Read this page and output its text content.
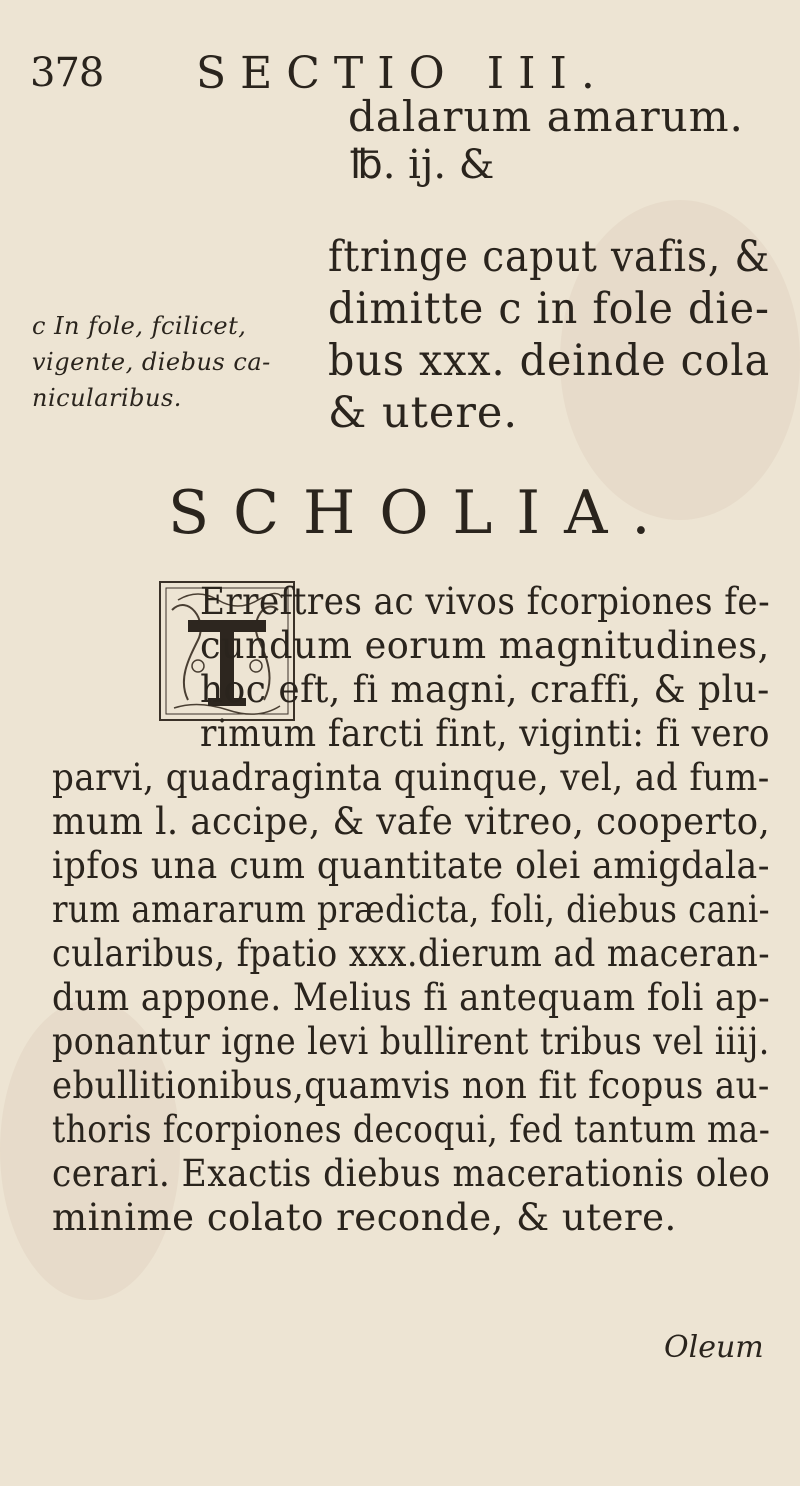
378 SECTIO III.
dalarum amarum.
℔. ij. &
ftringe caput vafis, &
dimitte c in fole die-
bus xxx. deinde cola
& utere.
c In fole, fcilicet,
vigente, diebus ca-
nicularibus.
SCHOLIA.
Erreftres ac vivos fcorpiones fe-
cundum eorum magnitudines,
hoc eft, fi magni, craffi, & plu-
rimum farcti fint, viginti: fi vero
parvi, quadraginta quinque, vel, ad fum-
mum l. accipe, & vafe vitreo, cooperto,
ipfos una cum quantitate olei amigdala-
rum amararum prædicta, foli, diebus cani-
cularibus, fpatio xxx.dierum ad maceran-
dum appone. Melius fi antequam foli ap-
ponantur igne levi bullirent tribus vel iiij.
ebullitionibus,quamvis non fit fcopus au-
thoris fcorpiones decoqui, fed tantum ma-
cerari. Exactis diebus macerationis oleo
minime colato reconde, & utere.
Oleum
